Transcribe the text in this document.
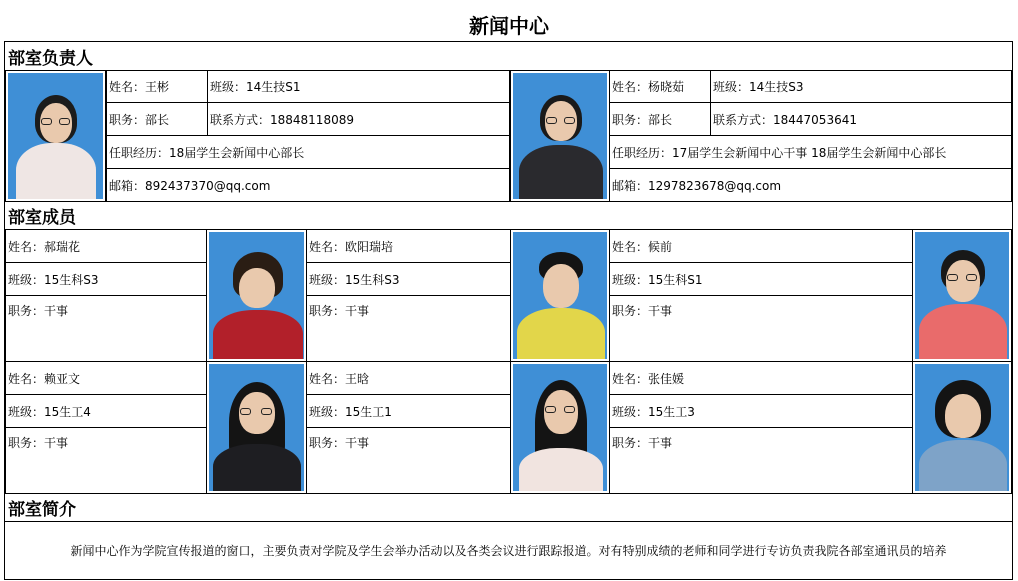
新闻中心
部室负责人
姓名：王彬	班级：14生技S1
职务：部长	联系方式：18848118089
任职经历：18届学生会新闻中心部长
邮箱：892437370@qq.com
姓名：杨晓茹	班级：14生技S3
职务：部长	联系方式：18447053641
任职经历：17届学生会新闻中心干事 18届学生会新闻中心部长
邮箱：1297823678@qq.com
部室成员
姓名：郝瑞花
班级：15生科S3
职务：干事
姓名：欧阳瑞培
班级：15生科S3
职务：干事
姓名：候前
班级：15生科S1
职务：干事
姓名：赖亚文
班级：15生工4
职务：干事
姓名：王晗
班级：15生工1
职务：干事
姓名：张佳媛
班级：15生工3
职务：干事
部室简介
新闻中心作为学院宣传报道的窗口，主要负责对学院及学生会举办活动以及各类会议进行跟踪报道。对有特别成绩的老师和同学进行专访负责我院各部室通讯员的培养
